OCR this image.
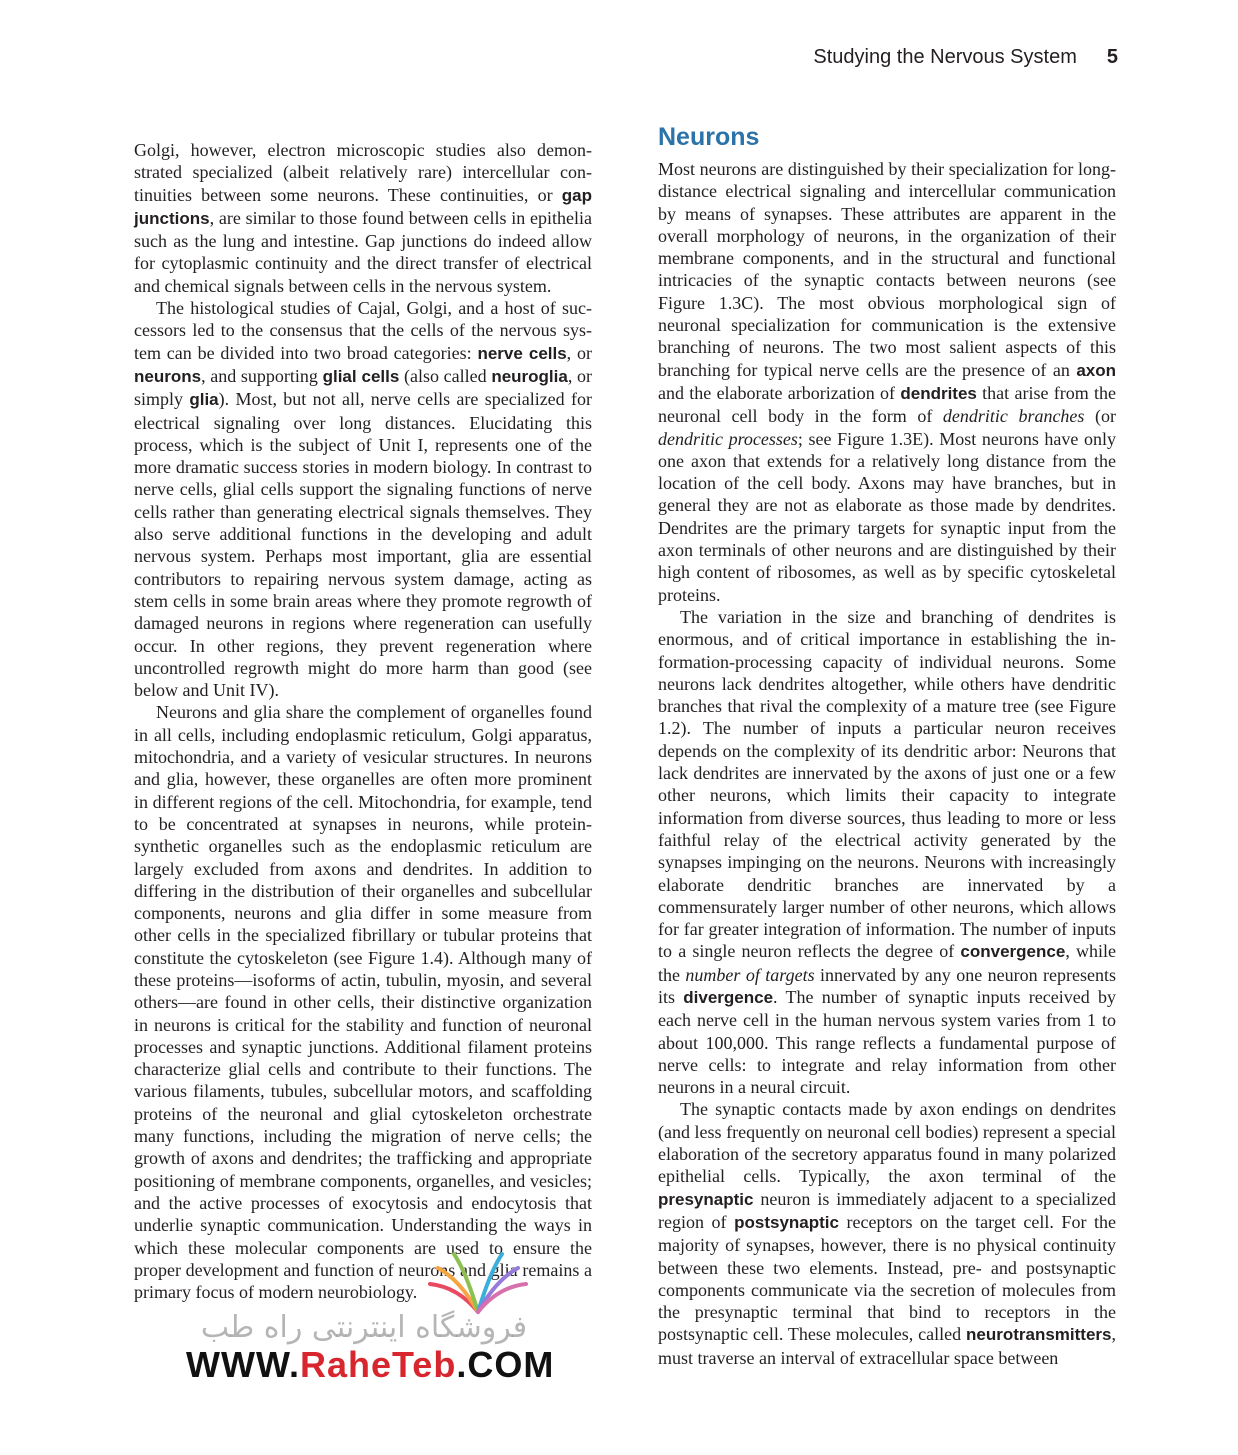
Studying the Nervous System 5

Golgi, however, electron microscopic studies also demonstrated specialized (albeit relatively rare) intercellular continuities between some neurons. These continuities, or gap junctions, are similar to those found between cells in epithelia such as the lung and intestine. Gap junctions do indeed allow for cytoplasmic continuity and the direct transfer of electrical and chemical signals between cells in the nervous system.

The histological studies of Cajal, Golgi, and a host of successors led to the consensus that the cells of the nervous system can be divided into two broad categories: nerve cells, or neurons, and supporting glial cells (also called neuroglia, or simply glia). Most, but not all, nerve cells are specialized for electrical signaling over long distances. Elucidating this process, which is the subject of Unit I, represents one of the more dramatic success stories in modern biology. In contrast to nerve cells, glial cells support the signaling functions of nerve cells rather than generating electrical signals themselves. They also serve additional functions in the developing and adult nervous system. Perhaps most important, glia are essential contributors to repairing nervous system damage, acting as stem cells in some brain areas where they promote regrowth of damaged neurons in regions where regeneration can usefully occur. In other regions, they prevent regeneration where uncontrolled regrowth might do more harm than good (see below and Unit IV).

Neurons and glia share the complement of organelles found in all cells, including endoplasmic reticulum, Golgi apparatus, mitochondria, and a variety of vesicular structures. In neurons and glia, however, these organelles are often more prominent in different regions of the cell. Mitochondria, for example, tend to be concentrated at synapses in neurons, while protein-synthetic organelles such as the endoplasmic reticulum are largely excluded from axons and dendrites. In addition to differing in the distribution of their organelles and subcellular components, neurons and glia differ in some measure from other cells in the specialized fibrillary or tubular proteins that constitute the cytoskeleton (see Figure 1.4). Although many of these proteins—isoforms of actin, tubulin, myosin, and several others—are found in other cells, their distinctive organization in neurons is critical for the stability and function of neuronal processes and synaptic junctions. Additional filament proteins characterize glial cells and contribute to their functions. The various filaments, tubules, subcellular motors, and scaffolding proteins of the neuronal and glial cytoskeleton orchestrate many functions, including the migration of nerve cells; the growth of axons and dendrites; the trafficking and appropriate positioning of membrane components, organelles, and vesicles; and the active processes of exocytosis and endocytosis that underlie synaptic communication. Understanding the ways in which these molecular components are used to ensure the proper development and function of neurons and glia remains a primary focus of modern neurobiology.

Neurons

Most neurons are distinguished by their specialization for long-distance electrical signaling and intercellular communication by means of synapses. These attributes are apparent in the overall morphology of neurons, in the organization of their membrane components, and in the structural and functional intricacies of the synaptic contacts between neurons (see Figure 1.3C). The most obvious morphological sign of neuronal specialization for communication is the extensive branching of neurons. The two most salient aspects of this branching for typical nerve cells are the presence of an axon and the elaborate arborization of dendrites that arise from the neuronal cell body in the form of dendritic branches (or dendritic processes; see Figure 1.3E). Most neurons have only one axon that extends for a relatively long distance from the location of the cell body. Axons may have branches, but in general they are not as elaborate as those made by dendrites. Dendrites are the primary targets for synaptic input from the axon terminals of other neurons and are distinguished by their high content of ribosomes, as well as by specific cytoskeletal proteins.

The variation in the size and branching of dendrites is enormous, and of critical importance in establishing the information-processing capacity of individual neurons. Some neurons lack dendrites altogether, while others have dendritic branches that rival the complexity of a mature tree (see Figure 1.2). The number of inputs a particular neuron receives depends on the complexity of its dendritic arbor: Neurons that lack dendrites are innervated by the axons of just one or a few other neurons, which limits their capacity to integrate information from diverse sources, thus leading to more or less faithful relay of the electrical activity generated by the synapses impinging on the neurons. Neurons with increasingly elaborate dendritic branches are innervated by a commensurately larger number of other neurons, which allows for far greater integration of information. The number of inputs to a single neuron reflects the degree of convergence, while the number of targets innervated by any one neuron represents its divergence. The number of synaptic inputs received by each nerve cell in the human nervous system varies from 1 to about 100,000. This range reflects a fundamental purpose of nerve cells: to integrate and relay information from other neurons in a neural circuit.

The synaptic contacts made by axon endings on dendrites (and less frequently on neuronal cell bodies) represent a special elaboration of the secretory apparatus found in many polarized epithelial cells. Typically, the axon terminal of the presynaptic neuron is immediately adjacent to a specialized region of postsynaptic receptors on the target cell. For the majority of synapses, however, there is no physical continuity between these two elements. Instead, pre- and postsynaptic components communicate via the secretion of molecules from the presynaptic terminal that bind to receptors in the postsynaptic cell. These molecules, called neurotransmitters, must traverse an interval of extracellular space between

فروشگاه اینترنتی راه طب
WWW.RaheTeb.COM
